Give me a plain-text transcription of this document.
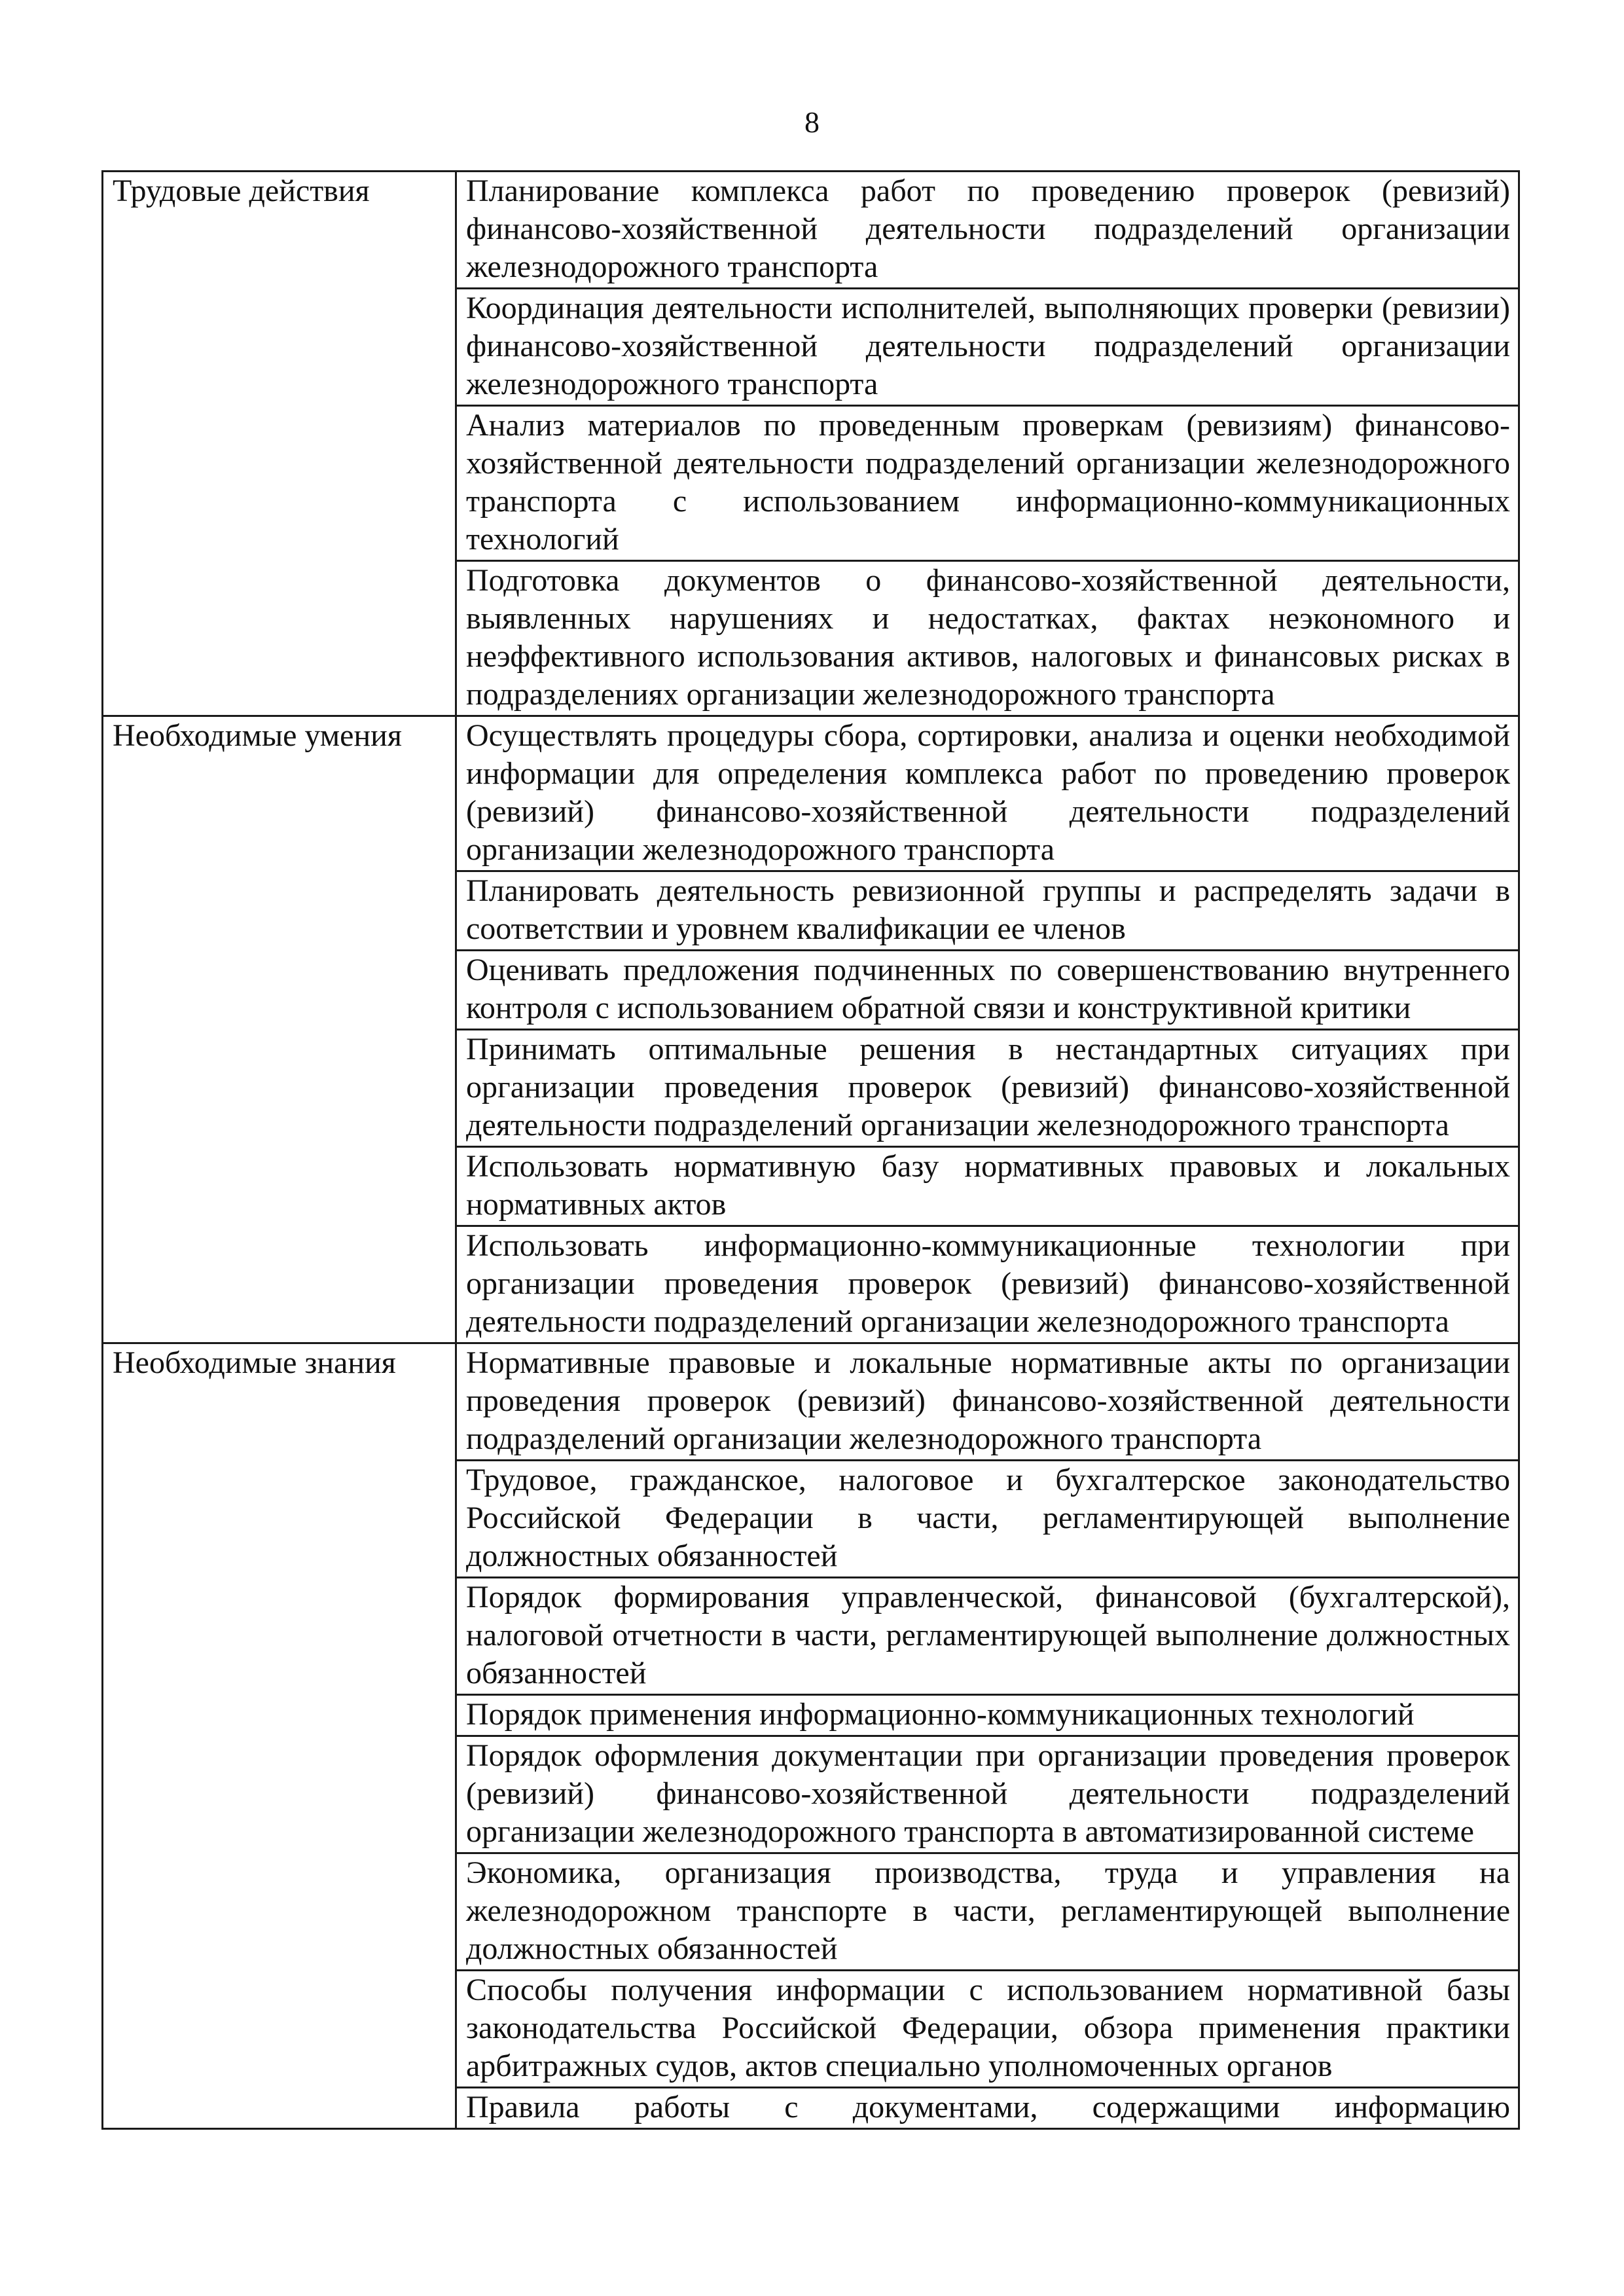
8
Трудовые действия	Планирование комплекса работ по проведению проверок (ревизий) финансово-хозяйственной деятельности подразделений организации железнодорожного транспорта
	Координация деятельности исполнителей, выполняющих проверки (ревизии) финансово-хозяйственной деятельности подразделений организации железнодорожного транспорта
	Анализ материалов по проведенным проверкам (ревизиям) финансово-хозяйственной деятельности подразделений организации железнодорожного транспорта с использованием информационно-коммуникационных технологий
	Подготовка документов о финансово-хозяйственной деятельности, выявленных нарушениях и недостатках, фактах неэкономного и неэффективного использования активов, налоговых и финансовых рисках в подразделениях организации железнодорожного транспорта
Необходимые умения	Осуществлять процедуры сбора, сортировки, анализа и оценки необходимой информации для определения комплекса работ по проведению проверок (ревизий) финансово-хозяйственной деятельности подразделений организации железнодорожного транспорта
	Планировать деятельность ревизионной группы и распределять задачи в соответствии и уровнем квалификации ее членов
	Оценивать предложения подчиненных по совершенствованию внутреннего контроля с использованием обратной связи и конструктивной критики
	Принимать оптимальные решения в нестандартных ситуациях при организации проведения проверок (ревизий) финансово-хозяйственной деятельности подразделений организации железнодорожного транспорта
	Использовать нормативную базу нормативных правовых и локальных нормативных актов
	Использовать информационно-коммуникационные технологии при организации проведения проверок (ревизий) финансово-хозяйственной деятельности подразделений организации железнодорожного транспорта
Необходимые знания	Нормативные правовые и локальные нормативные акты по организации проведения проверок (ревизий) финансово-хозяйственной деятельности подразделений организации железнодорожного транспорта
	Трудовое, гражданское, налоговое и бухгалтерское законодательство Российской Федерации в части, регламентирующей выполнение должностных обязанностей
	Порядок формирования управленческой, финансовой (бухгалтерской), налоговой отчетности в части, регламентирующей выполнение должностных обязанностей
	Порядок применения информационно-коммуникационных технологий
	Порядок оформления документации при организации проведения проверок (ревизий) финансово-хозяйственной деятельности подразделений организации железнодорожного транспорта в автоматизированной системе
	Экономика, организация производства, труда и управления на железнодорожном транспорте в части, регламентирующей выполнение должностных обязанностей
	Способы получения информации с использованием нормативной базы законодательства Российской Федерации, обзора применения практики арбитражных судов, актов специально уполномоченных органов
	Правила работы с документами, содержащими информацию
